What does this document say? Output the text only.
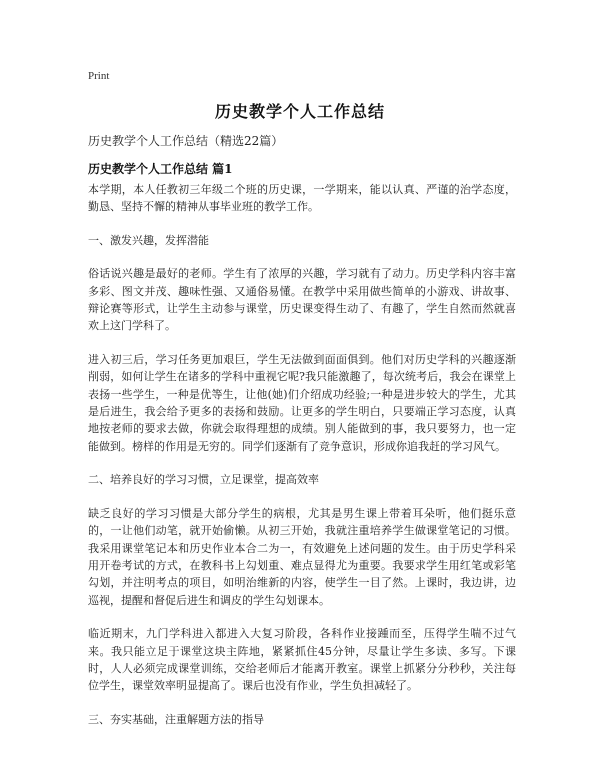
Print
历史教学个人工作总结
历史教学个人工作总结（精选22篇）
历史教学个人工作总结 篇1

本学期，本人任教初三年级二个班的历史课，一学期来，能以认真、严谨的治学态度，勤恳、坚持不懈的精神从事毕业班的教学工作。

一、激发兴趣，发挥潜能

俗话说兴趣是最好的老师。学生有了浓厚的兴趣，学习就有了动力。历史学科内容丰富多彩、图文并茂、趣味性强、又通俗易懂。在教学中采用做些简单的小游戏、讲故事、辩论赛等形式，让学生主动参与课堂，历史课变得生动了、有趣了，学生自然而然就喜欢上这门学科了。

进入初三后，学习任务更加艰巨，学生无法做到面面俱到。他们对历史学科的兴趣逐渐削弱，如何让学生在诸多的学科中重视它呢?我只能激趣了，每次统考后，我会在课堂上表扬一些学生，一种是优等生，让他(她)们介绍成功经验;一种是进步较大的学生，尤其是后进生，我会给予更多的表扬和鼓励。让更多的学生明白，只要端正学习态度，认真地按老师的要求去做，你就会取得理想的成绩。别人能做到的事，我只要努力，也一定能做到。榜样的作用是无穷的。同学们逐渐有了竞争意识，形成你追我赶的学习风气。

二、培养良好的学习习惯，立足课堂，提高效率

缺乏良好的学习习惯是大部分学生的病根，尤其是男生课上带着耳朵听，他们挺乐意的，一让他们动笔，就开始偷懒。从初三开始，我就注重培养学生做课堂笔记的习惯。我采用课堂笔记本和历史作业本合二为一，有效避免上述问题的发生。由于历史学科采用开卷考试的方式，在教科书上勾划重、难点显得尤为重要。我要求学生用红笔或彩笔勾划，并注明考点的项目，如明治维新的内容，使学生一目了然。上课时，我边讲，边巡视，提醒和督促后进生和调皮的学生勾划课本。

临近期末，九门学科进入都进入大复习阶段，各科作业接踵而至，压得学生喘不过气来。我只能立足于课堂这块主阵地，紧紧抓住45分钟，尽量让学生多读、多写。下课时，人人必须完成课堂训练，交给老师后才能离开教室。课堂上抓紧分分秒秒，关注每位学生，课堂效率明显提高了。课后也没有作业，学生负担减轻了。

三、夯实基础，注重解题方法的指导
